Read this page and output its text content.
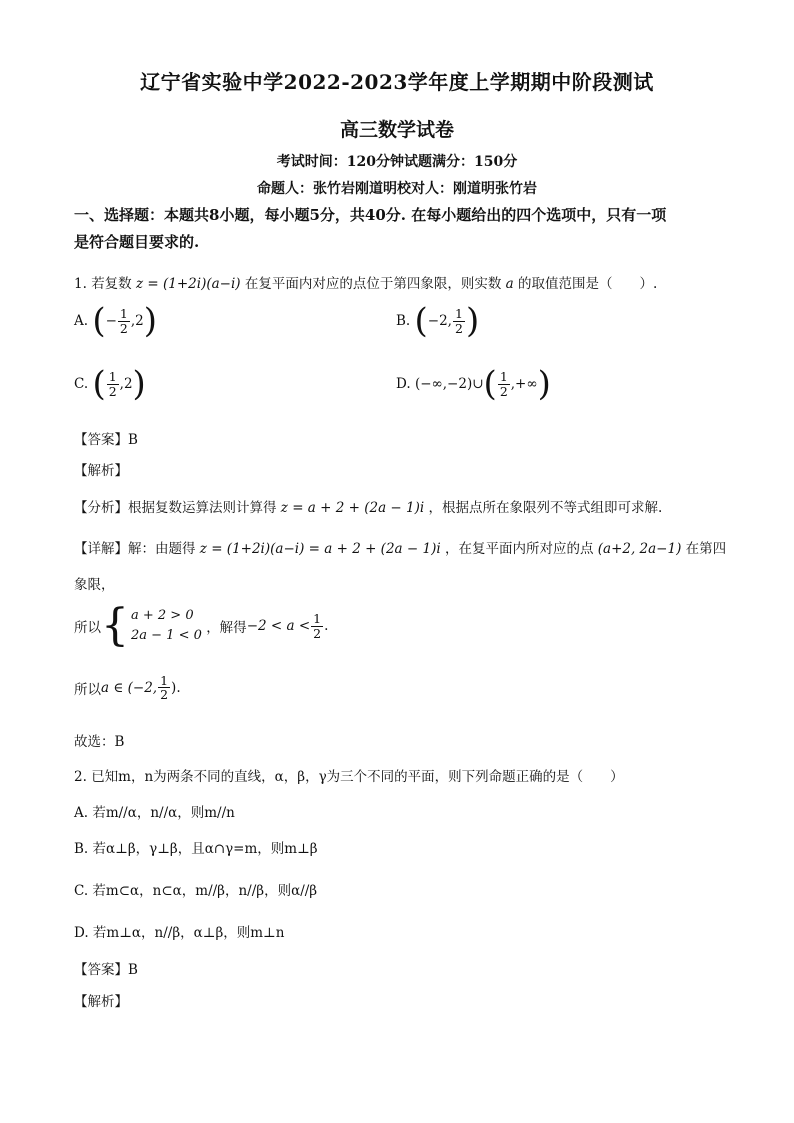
辽宁省实验中学2022-2023学年度上学期期中阶段测试
高三数学试卷
考试时间：120分钟试题满分：150分
命题人：张竹岩刚道明校对人：刚道明张竹岩
一、选择题：本题共8小题，每小题5分，共40分. 在每小题给出的四个选项中，只有一项
是符合题目要求的.
1. 若复数 z = (1+2i)(a−i) 在复平面内对应的点位于第四象限，则实数 a 的取值范围是（　　）.
A.
( − $\frac{1}{2} ,2$ )	B.
( −2, $\frac{1}{2}$ )
C.
( $\frac{1}{2} ,2$ )	D.
(−∞,−2)∪ ( $\frac{1}{2}$ ,+∞ )
【答案】B
【解析】
【分析】根据复数运算法则计算得 z = a + 2 + (2a − 1)i ，根据点所在象限列不等式组即可求解.
【详解】解：由题得 z = (1+2i)(a−i) = a + 2 + (2a − 1)i ，在复平面内所对应的点 (a+2, 2a−1) 在第四
象限，
所以 { a + 2 > 0
2a − 1 < 0
，解得 $-2 < a < \frac{1}{2}$ .
所以 a ∈ (−2, $\frac{1}{2}$ ).
故选：B
2. 已知m，n为两条不同的直线，α，β，γ为三个不同的平面，则下列命题正确的是（　　）
A. 若m//α，n//α，则m//n
B. 若α⊥β，γ⊥β，且α∩γ=m，则m⊥β
C. 若m⊂α，n⊂α，m//β，n//β，则α//β
D. 若m⊥α，n//β，α⊥β，则m⊥n
【答案】B
【解析】
